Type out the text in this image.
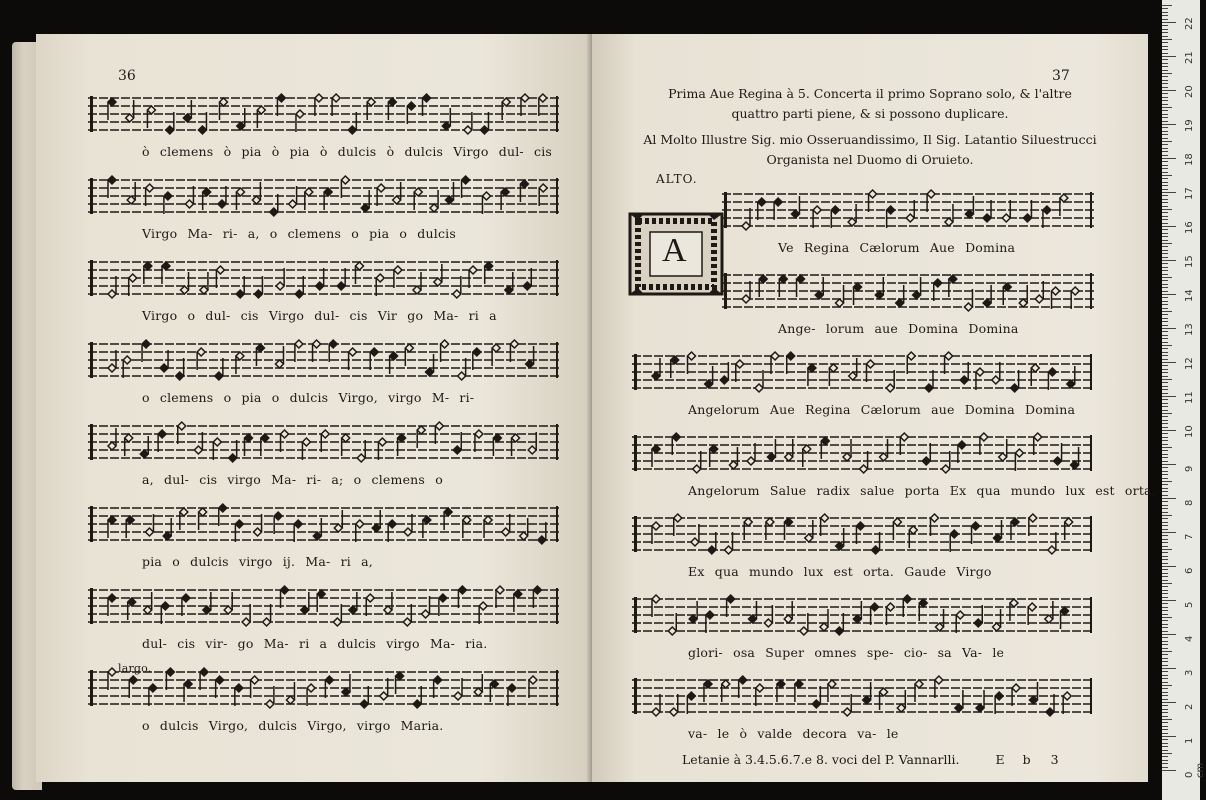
36
ò clemens ò pia ò pia ò dulcis ò dulcis Virgo dul- cis
Virgo Ma- ri- a, o clemens o pia o dulcis
Virgo o dul- cis Virgo dul- cis Vir go Ma- ri a
o clemens o pia o dulcis Virgo, virgo M- ri-
a, dul- cis virgo Ma- ri- a; o clemens o
pia o dulcis virgo ij. Ma- ri a,
dul- cis vir- go Ma- ri a dulcis virgo Ma- ria.
o dulcis Virgo, dulcis Virgo, virgo Maria.
largo.
37
Prima Aue Regina à 5. Concerta il primo Soprano solo, & l'altre
quattro parti piene, & si possono duplicare.
Al Molto Illustre Sig. mio Osseruandissimo, Il Sig. Latantio Siluestrucci
Organista nel Duomo di Oruieto.
ALTO.
A	Ve Regina Cælorum Aue Domina
Ange- lorum aue Domina Domina
Angelorum Aue Regina Cælorum aue Domina Domina
Angelorum Salue radix salue porta Ex qua mundo lux est orta,
Ex qua mundo lux est orta. Gaude Virgo
glori- osa Super omnes spe- cio- sa Va- le
va- le ò valde decora va- le
Letanie à 3.4.5.6.7.e 8. voci del P. Vannarlli.	E b 3
0 cm
1
2
3
4
5
6
7
8
9
10
11
12
13
14
15
16
17
18
19
20
21
22
